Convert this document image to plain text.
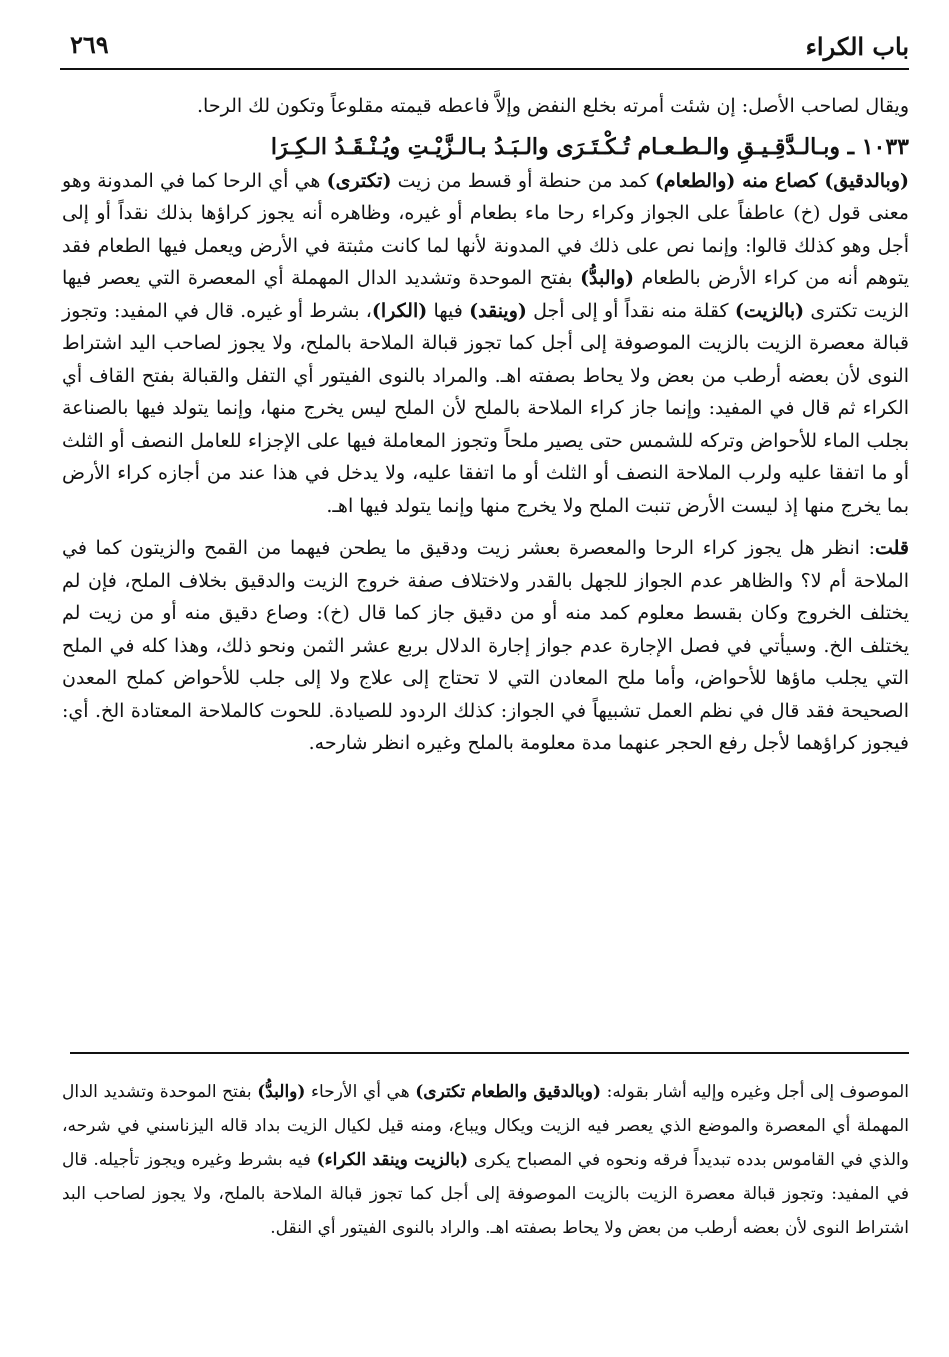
باب الكراء
٢٦٩

ويقال لصاحب الأصل: إن شئت أمرته بخلع النفض وإلاَّ فاعطه قيمته مقلوعاً وتكون لك الرحا.

١٠٣٣ ـ وبـالـدَّقِـيـقِ والـطـعـام تُـكْـتَـرَى والـبَـدُ بـالـزَّيْـتِ ويُـنْـقَـدُ الـكِـرَا

(وبالدقيق) كصاع منه (والطعام) كمد من حنطة أو قسط من زيت (تكترى) هي أي الرحا كما في المدونة وهو معنى قول (خ) عاطفاً على الجواز وكراء رحا ماء بطعام أو غيره، وظاهره أنه يجوز كراؤها بذلك نقداً أو إلى أجل وهو كذلك قالوا: وإنما نص على ذلك في المدونة لأنها لما كانت مثبتة في الأرض ويعمل فيها الطعام فقد يتوهم أنه من كراء الأرض بالطعام (والبدُّ) بفتح الموحدة وتشديد الدال المهملة أي المعصرة التي يعصر فيها الزيت تكترى (بالزيت) كقلة منه نقداً أو إلى أجل (وينقد) فيها (الكرا)، بشرط أو غيره. قال في المفيد: وتجوز قبالة معصرة الزيت بالزيت الموصوفة إلى أجل كما تجوز قبالة الملاحة بالملح، ولا يجوز لصاحب اليد اشتراط النوى لأن بعضه أرطب من بعض ولا يحاط بصفته اهـ. والمراد بالنوى الفيتور أي التفل والقبالة بفتح القاف أي الكراء ثم قال في المفيد: وإنما جاز كراء الملاحة بالملح لأن الملح ليس يخرج منها، وإنما يتولد فيها بالصناعة بجلب الماء للأحواض وتركه للشمس حتى يصير ملحاً وتجوز المعاملة فيها على الإجزاء للعامل النصف أو الثلث أو ما اتفقا عليه ولرب الملاحة النصف أو الثلث أو ما اتفقا عليه، ولا يدخل في هذا عند من أجازه كراء الأرض بما يخرج منها إذ ليست الأرض تنبت الملح ولا يخرج منها وإنما يتولد فيها اهـ.

قلت: انظر هل يجوز كراء الرحا والمعصرة بعشر زيت ودقيق ما يطحن فيهما من القمح والزيتون كما في الملاحة أم لا؟ والظاهر عدم الجواز للجهل بالقدر ولاختلاف صفة خروج الزيت والدقيق بخلاف الملح، فإن لم يختلف الخروج وكان بقسط معلوم كمد منه أو من دقيق جاز كما قال (خ): وصاع دقيق منه أو من زيت لم يختلف الخ. وسيأتي في فصل الإجارة عدم جواز إجارة الدلال بربع عشر الثمن ونحو ذلك، وهذا كله في الملح التي يجلب ماؤها للأحواض، وأما ملح المعادن التي لا تحتاج إلى علاج ولا إلى جلب للأحواض كملح المعدن الصحيحة فقد قال في نظم العمل تشبيهاً في الجواز: كذلك الردود للصيادة. للحوت كالملاحة المعتادة الخ. أي: فيجوز كراؤهما لأجل رفع الحجر عنهما مدة معلومة بالملح وغيره انظر شارحه.

الموصوف إلى أجل وغيره وإليه أشار بقوله: (وبالدقيق والطعام تكترى) هي أي الأرحاء (والبدُّ) بفتح الموحدة وتشديد الدال المهملة أي المعصرة والموضع الذي يعصر فيه الزيت ويكال ويباع، ومنه قيل لكيال الزيت بداد قاله اليزناسني في شرحه، والذي في القاموس بدده تبديداً فرقه ونحوه في المصباح يكرى (بالزيت وينقد الكراء) فيه بشرط وغيره ويجوز تأجيله. قال في المفيد: وتجوز قبالة معصرة الزيت بالزيت الموصوفة إلى أجل كما تجوز قبالة الملاحة بالملح، ولا يجوز لصاحب البد اشتراط النوى لأن بعضه أرطب من بعض ولا يحاط بصفته اهـ. والراد بالنوى الفيتور أي النقل.
